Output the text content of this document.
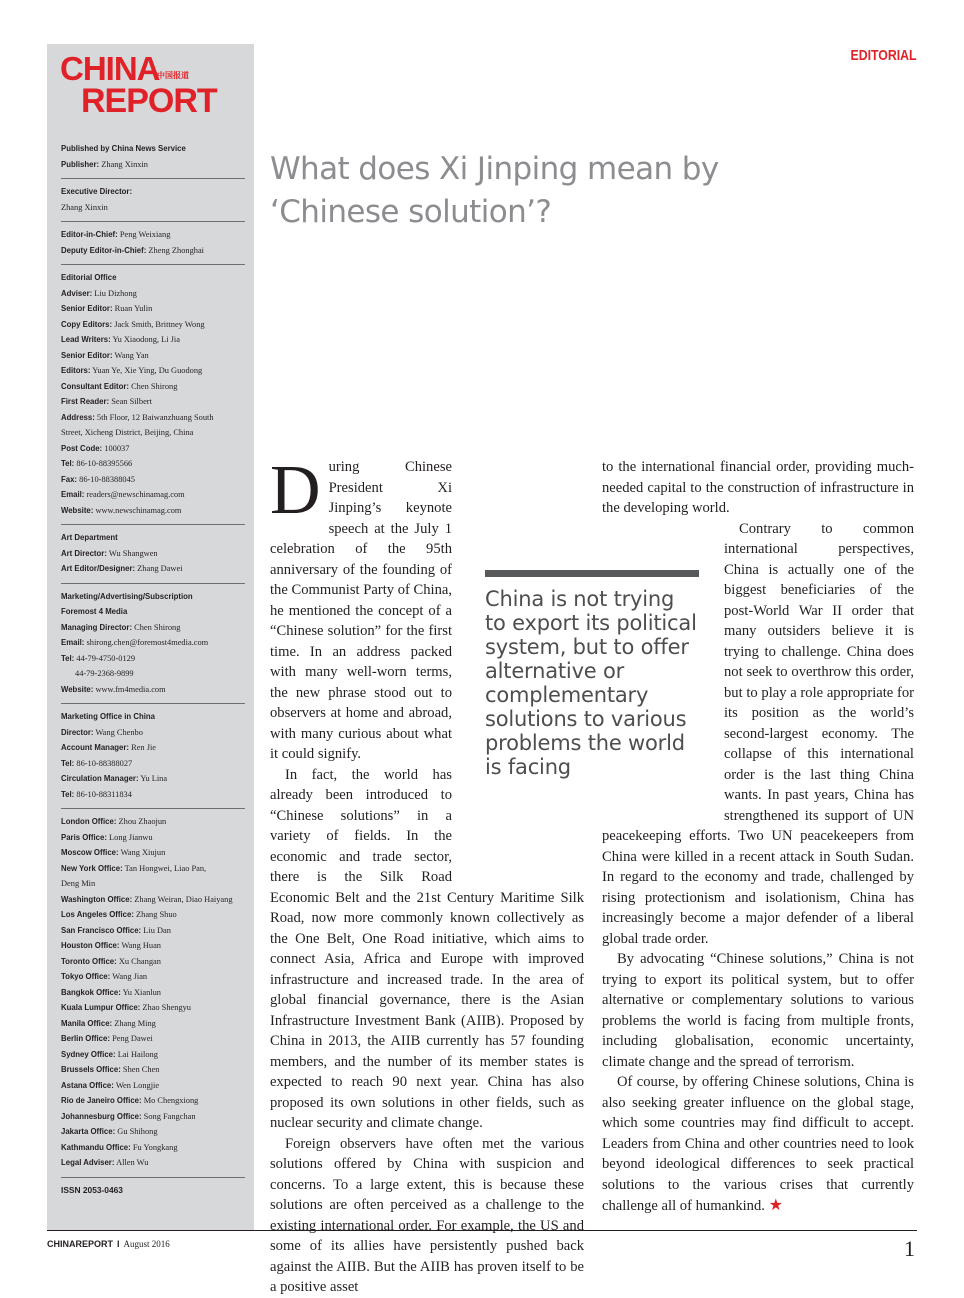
CHINA
中国报道
REPORT
Published by China News Service
Publisher: Zhang Xinxin
Executive Director:
Zhang Xinxin
Editor-in-Chief: Peng Weixiang
Deputy Editor-in-Chief: Zheng Zhonghai
Editorial Office
Adviser: Liu Dizhong
Senior Editor: Ruan Yulin
Copy Editors: Jack Smith, Brittney Wong
Lead Writers: Yu Xiaodong, Li Jia
Senior Editor: Wang Yan
Editors: Yuan Ye, Xie Ying, Du Guodong
Consultant Editor: Chen Shirong
First Reader: Sean Silbert
Address: 5th Floor, 12 Baiwanzhuang South
Street, Xicheng District, Beijing, China
Post Code: 100037
Tel: 86-10-88395566
Fax: 86-10-88388045
Email: readers@newschinamag.com
Website: www.newschinamag.com
Art Department
Art Director: Wu Shangwen
Art Editor/Designer: Zhang Dawei
Marketing/Advertising/Subscription
Foremost 4 Media
Managing Director: Chen Shirong
Email: shirong.chen@foremost4media.com
Tel: 44-79-4750-0129
44-79-2368-9899
Website: www.fm4media.com
Marketing Office in China
Director: Wang Chenbo
Account Manager: Ren Jie
Tel: 86-10-88388027
Circulation Manager: Yu Lina
Tel: 86-10-88311834
London Office: Zhou Zhaojun
Paris Office: Long Jianwu
Moscow Office: Wang Xiujun
New York Office: Tan Hongwei, Liao Pan,
Deng Min
Washington Office: Zhang Weiran, Diao Haiyang
Los Angeles Office: Zhang Shuo
San Francisco Office: Liu Dan
Houston Office: Wang Huan
Toronto Office: Xu Changan
Tokyo Office: Wang Jian
Bangkok Office: Yu Xianlun
Kuala Lumpur Office: Zhao Shengyu
Manila Office: Zhang Ming
Berlin Office: Peng Dawei
Sydney Office: Lai Hailong
Brussels Office: Shen Chen
Astana Office: Wen Longjie
Rio de Janeiro Office: Mo Chengxiong
Johannesburg Office: Song Fangchan
Jakarta Office: Gu Shihong
Kathmandu Office: Fu Yongkang
Legal Adviser: Allen Wu
ISSN 2053-0463
EDITORIAL
What does Xi Jinping mean by ‘Chinese solution’?

During Chinese President Xi Jinping’s keynote speech at the July 1 celebration of the 95th anniversary of the founding of the Communist Party of China, he mentioned the concept of a “Chinese solution” for the first time. In an address packed with many well-worn terms, the new phrase stood out to observers at home and abroad, with many curious about what it could signify.

In fact, the world has already been introduced to “Chinese solutions” in a variety of fields. In the economic and trade sector, there is the Silk Road Economic Belt and the 21st Century Maritime Silk Road, now more commonly known collectively as the One Belt, One Road initiative, which aims to connect Asia, Africa and Europe with improved infrastructure and increased trade. In the area of global financial governance, there is the Asian Infrastructure Investment Bank (AIIB). Proposed by China in 2013, the AIIB currently has 57 founding members, and the number of its member states is expected to reach 90 next year. China has also proposed its own solutions in other fields, such as nuclear security and climate change.

Foreign observers have often met the various solutions offered by China with suspicion and concerns. To a large extent, this is because these solutions are often perceived as a challenge to the existing international order. For example, the US and some of its allies have persistently pushed back against the AIIB. But the AIIB has proven itself to be a positive asset

to the international financial order, providing much-needed capital to the construction of infrastructure in the developing world.

Contrary to common international perspectives, China is actually one of the biggest beneficiaries of the post-World War II order that many outsiders believe it is trying to challenge. China does not seek to overthrow this order, but to play a role appropriate for its position as the world’s second-largest economy. The collapse of this international order is the last thing China wants. In past years, China has strengthened its support of UN peacekeeping efforts. Two UN peacekeepers from China were killed in a recent attack in South Sudan. In regard to the economy and trade, challenged by rising protectionism and isolationism, China has increasingly become a major defender of a liberal global trade order.

By advocating “Chinese solutions,” China is not trying to export its political system, but to offer alternative or complementary solutions to various problems the world is facing from multiple fronts, including globalisation, economic uncertainty, climate change and the spread of terrorism.

Of course, by offering Chinese solutions, China is also seeking greater influence on the global stage, which some countries may find difficult to accept. Leaders from China and other countries need to look beyond ideological differences to seek practical solutions to the various crises that currently challenge all of humankind. ★

China is not trying to export its political system, but to offer alternative or complementary solutions to various problems the world is facing
CHINAREPORT I August 2016	1
